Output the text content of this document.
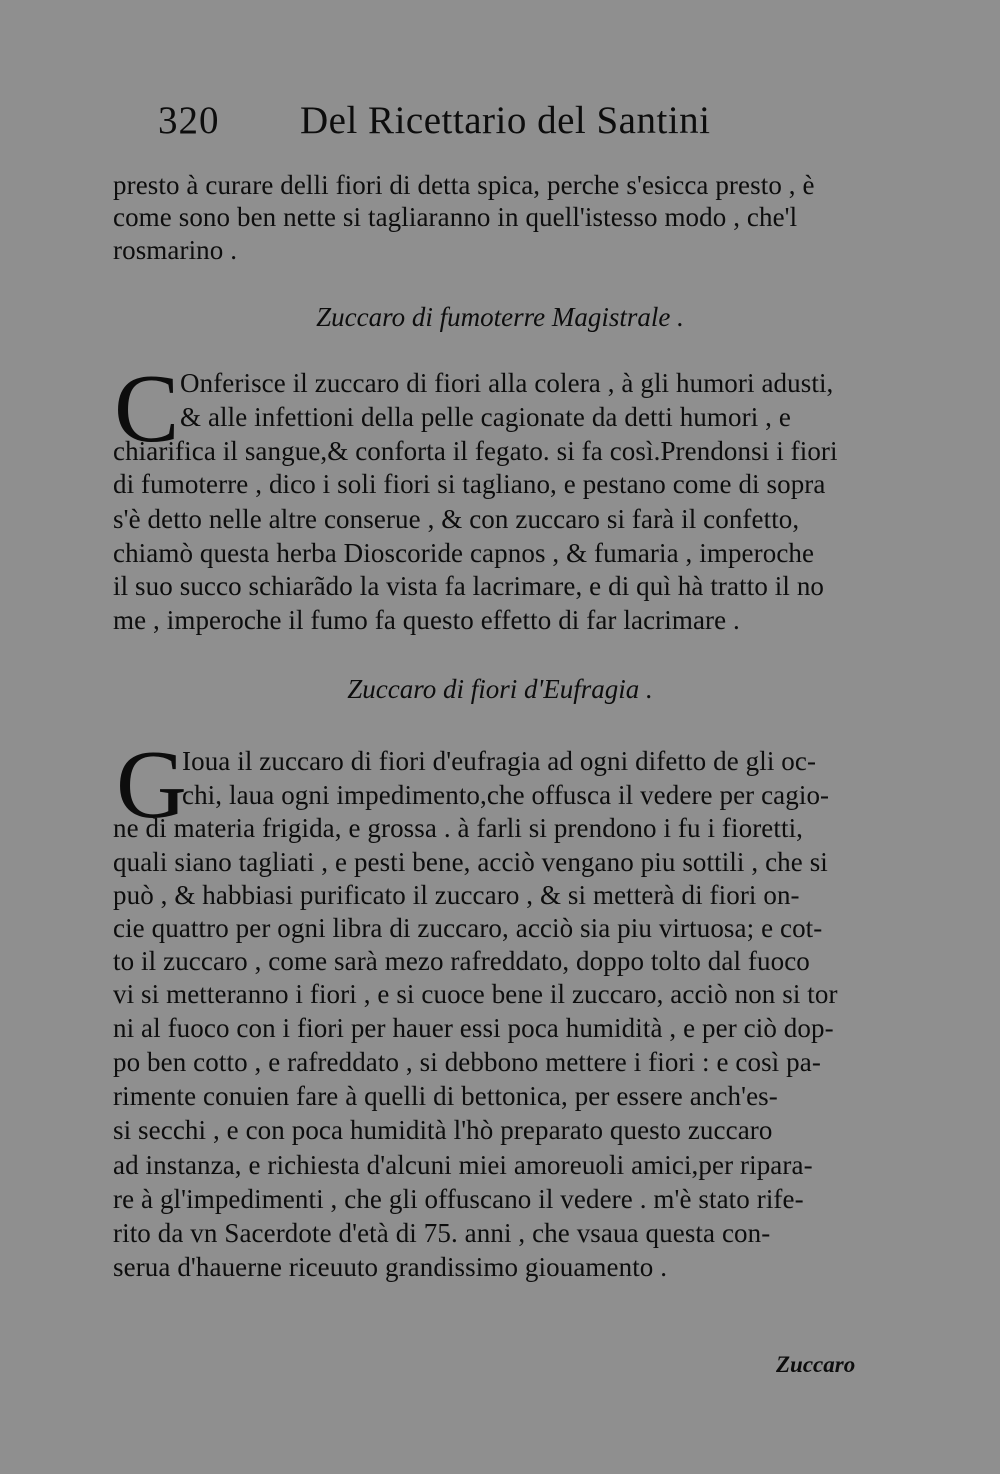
320 Del Ricettario del Santini
presto à curare delli fiori di detta spica, perche s'esicca presto , è
come sono ben nette si tagliaranno in quell'istesso modo , che'l
rosmarino .
Zuccaro di fumoterre Magistrale .
C Onferisce il zuccaro di fiori alla colera , à gli humori adusti,
& alle infettioni della pelle cagionate da detti humori , e
chiarifica il sangue,& conforta il fegato. si fa così.Prendonsi i fiori
di fumoterre , dico i soli fiori si tagliano, e pestano come di sopra
s'è detto nelle altre conserue , & con zuccaro si farà il confetto,
chiamò questa herba Dioscoride capnos , & fumaria , imperoche
il suo succo schiarãdo la vista fa lacrimare, e di quì hà tratto il no
me , imperoche il fumo fa questo effetto di far lacrimare .
Zuccaro di fiori d'Eufragia .
G
Ioua il zuccaro di fiori d'eufragia ad ogni difetto de gli oc-
chi, laua ogni impedimento,che offusca il vedere per cagio-
ne di materia frigida, e grossa . à farli si prendono i fu i fioretti,
quali siano tagliati , e pesti bene, acciò vengano piu sottili , che si
può , & habbiasi purificato il zuccaro , & si metterà di fiori on-
cie quattro per ogni libra di zuccaro, acciò sia piu virtuosa; e cot-
to il zuccaro , come sarà mezo rafreddato, doppo tolto dal fuoco
vi si metteranno i fiori , e si cuoce bene il zuccaro, acciò non si tor
ni al fuoco con i fiori per hauer essi poca humidità , e per ciò dop-
po ben cotto , e rafreddato , si debbono mettere i fiori : e così pa-
rimente conuien fare à quelli di bettonica, per essere anch'es-
si secchi , e con poca humidità l'hò preparato questo zuccaro
ad instanza, e richiesta d'alcuni miei amoreuoli amici,per riparа-
re à gl'impedimenti , che gli offuscano il vedere . m'è stato rife-
rito da vn Sacerdote d'età di 75. anni , che vsaua questa con-
serua d'hauerne riceuuto grandissimo giouamento .
Zuccaro
